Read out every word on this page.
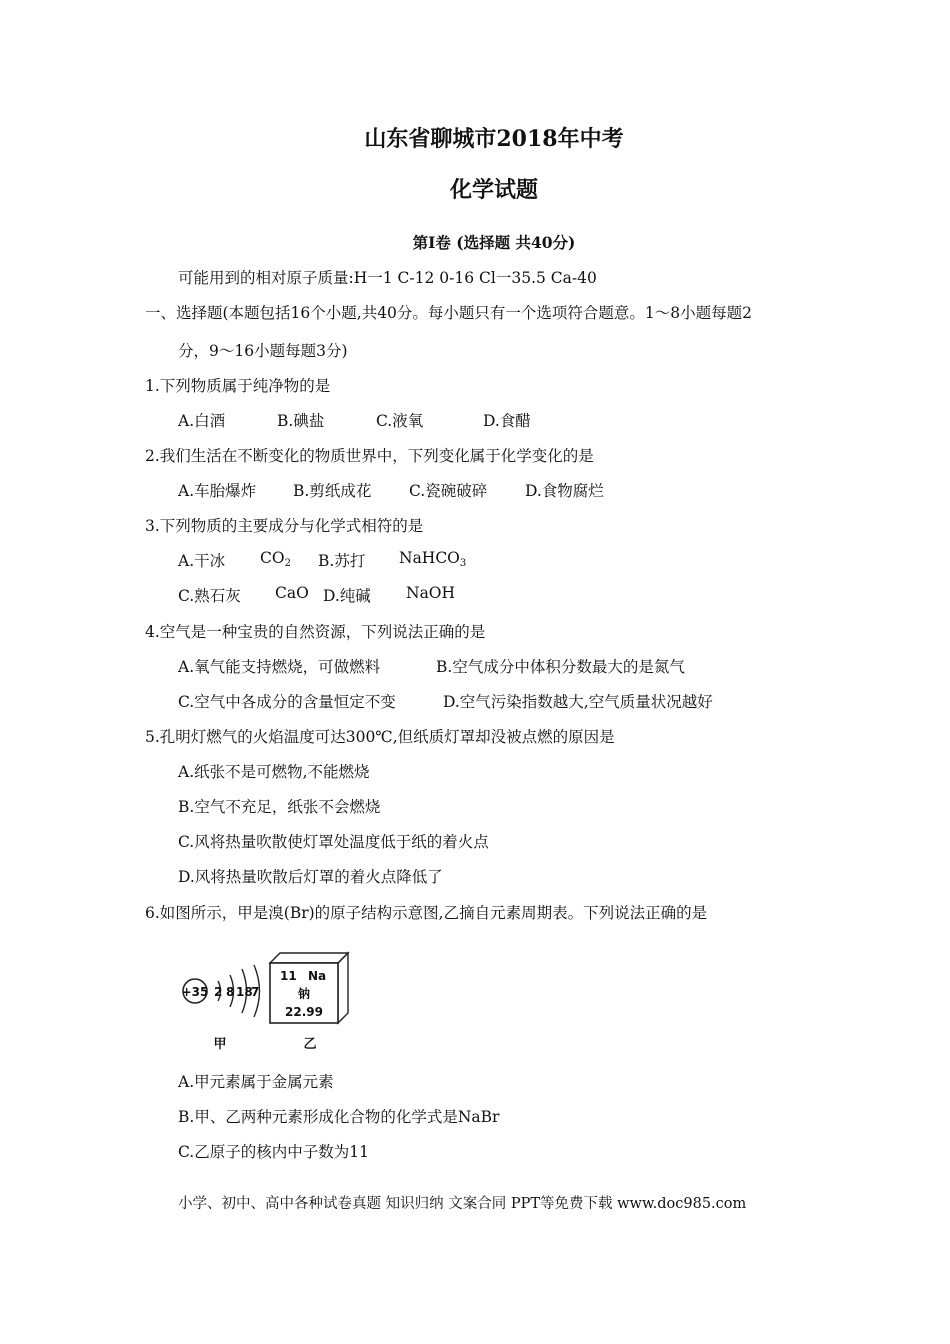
山东省聊城市2018年中考
化学试题
第Ⅰ卷 (选择题 共40分)
可能用到的相对原子质量:H一1 C-12 0-16 Cl一35.5 Ca-40
一、选择题(本题包括16个小题,共40分。每小题只有一个选项符合题意。1～8小题每题2
分，9～16小题每题3分)
1.下列物质属于纯净物的是
A.白酒	B.碘盐	C.液氧	D.食醋
2.我们生活在不断变化的物质世界中，下列变化属于化学变化的是
A.车胎爆炸 B.剪纸成花 C.瓷碗破碎 D.食物腐烂
3.下列物质的主要成分与化学式相符的是
A.干冰 $CO_2$ B.苏打 NaHCO$_3$
C.熟石灰 CaO D.纯碱 NaOH
4.空气是一种宝贵的自然资源，下列说法正确的是
A.氧气能支持燃烧，可做燃料	B.空气成分中体积分数最大的是氮气
C.空气中各成分的含量恒定不变	D.空气污染指数越大,空气质量状况越好
5.孔明灯燃气的火焰温度可达300℃,但纸质灯罩却没被点燃的原因是
A.纸张不是可燃物,不能燃烧
B.空气不充足，纸张不会燃烧
C.风将热量吹散使灯罩处温度低于纸的着火点
D.风将热量吹散后灯罩的着火点降低了
6.如图所示，甲是溴(Br)的原子结构示意图,乙摘自元素周期表。下列说法正确的是
+35 2 8 18
7
甲
11 Na
钠
22.99
乙
A.甲元素属于金属元素
B.甲、乙两种元素形成化合物的化学式是NaBr
C.乙原子的核内中子数为11
小学、初中、高中各种试卷真题 知识归纳 文案合同 PPT等免费下载 www.doc985.com
